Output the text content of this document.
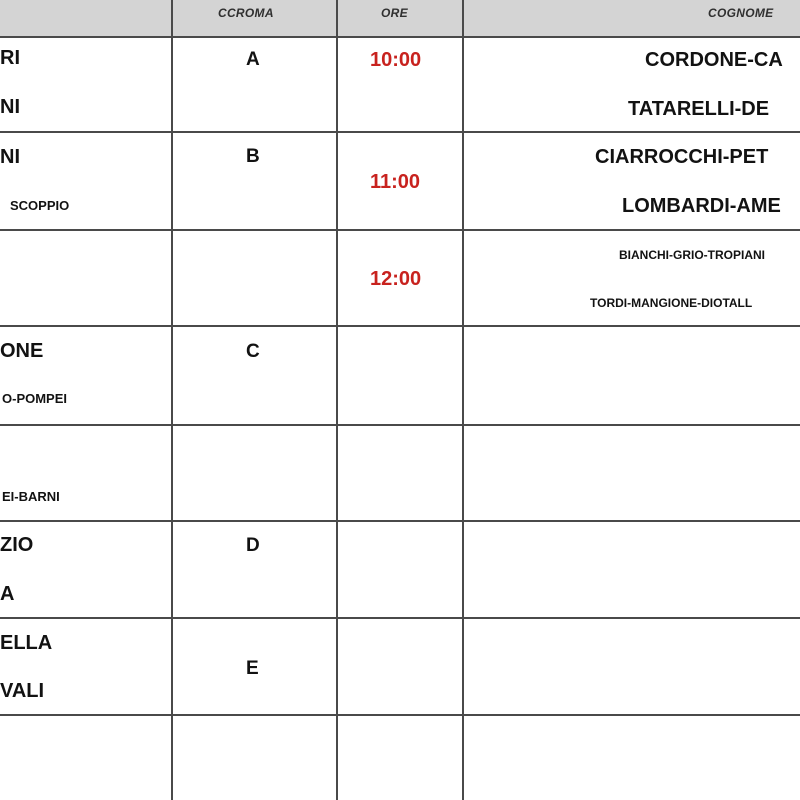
CCROMA	ORE	COGNOME
RI
NI
NI
SCOPPIO
ONE
O-POMPEI
EI-BARNI
ZIO
A
ELLA
VALI
A
B
C
D
E
10:00
11:00
12:00
CORDONE-CA
TATARELLI-DE
CIARROCCHI-PET
LOMBARDI-AME
BIANCHI-GRIO-TROPIANI
TORDI-MANGIONE-DIOTALL
